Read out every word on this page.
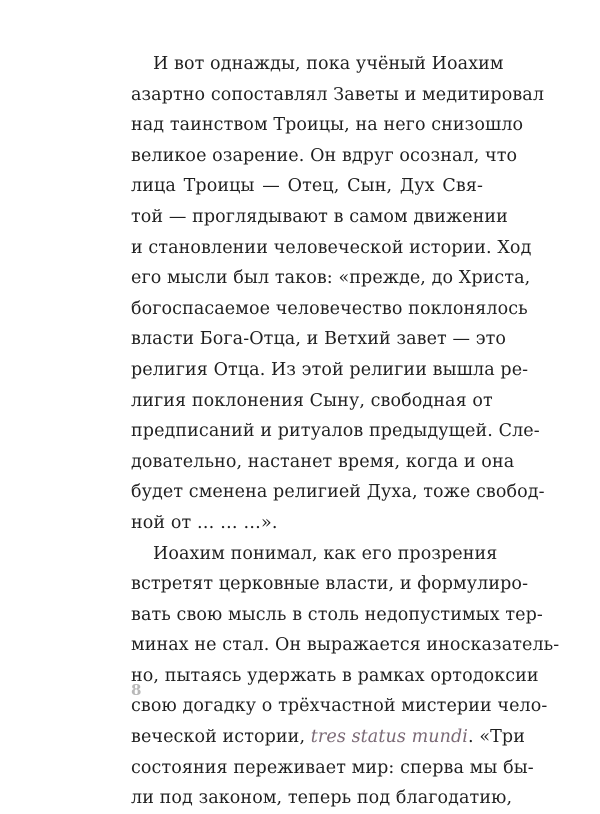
И вот однажды, пока учёный Иоахим
азартно сопоставлял Заветы и медитировал
над таинством Троицы, на него снизошло
великое озарение. Он вдруг осознал, что
лица Троицы — Отец, Сын, Дух Свя-
той — проглядывают в самом движении
и становлении человеческой истории. Ход
его мысли был таков: «прежде, до Христа,
богоспасаемое человечество поклонялось
власти Бога-Отца, и Ветхий завет — это
религия Отца. Из этой религии вышла ре-
лигия поклонения Сыну, свободная от
предписаний и ритуалов предыдущей. Сле-
довательно, настанет время, когда и она
будет сменена религией Духа, тоже свобод-
ной от … … …».
Иоахим понимал, как его прозрения
встретят церковные власти, и формулиро-
вать свою мысль в столь недопустимых тер-
минах не стал. Он выражается иносказатель-
но, пытаясь удержать в рамках ортодоксии
свою догадку о трёхчастной мистерии чело-
веческой истории, tres status mundi. «Три
состояния переживает мир: сперва мы бы-
ли под законом, теперь под благодатию,
8
